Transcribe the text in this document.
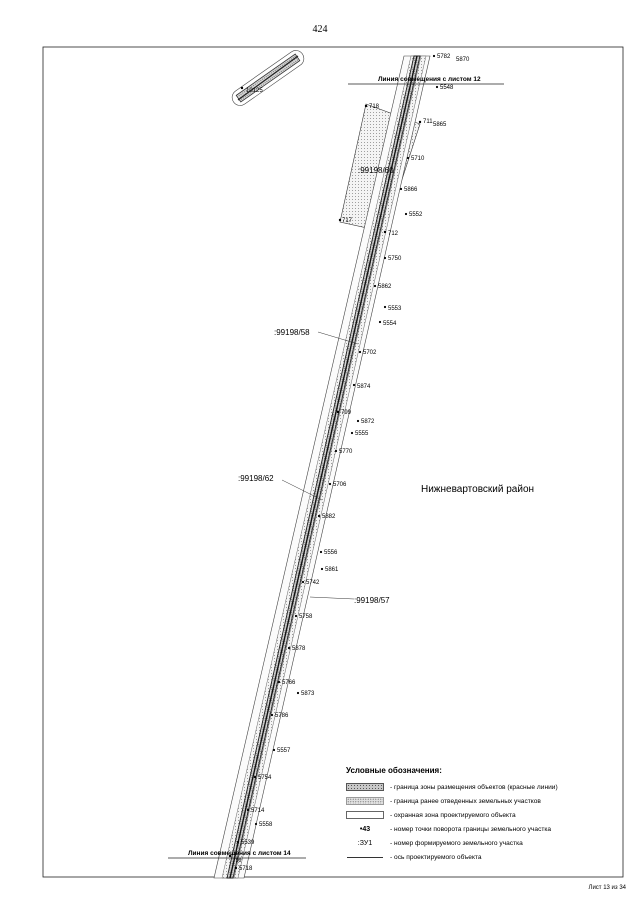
424
Линия совмещения с листом 12
Линия совмещения с листом 14
Нижневартовский район
:99198/60
:99198/58
:99198/62
:99198/57
10125
5782 5870
5548
718
711 5865
5710
5866
5552
717
712
5750
5862
5553
5554
5702
5874
799
5872
5555
5770
5706
5882
5556
5861
5742
5758
5878
5766
5873
5786
5557
5754
5714
5558
5539
798
5718
Условные обозначения:
- граница зоны размещения объектов (красные линии)
- граница ранее отведенных земельных участков
- охранная зона проектируемого объекта
• 43	- номер точки поворота границы земельного участка
:ЗУ1	- номер формируемого земельного участка
- ось проектируемого объекта
Лист 13 из 34
